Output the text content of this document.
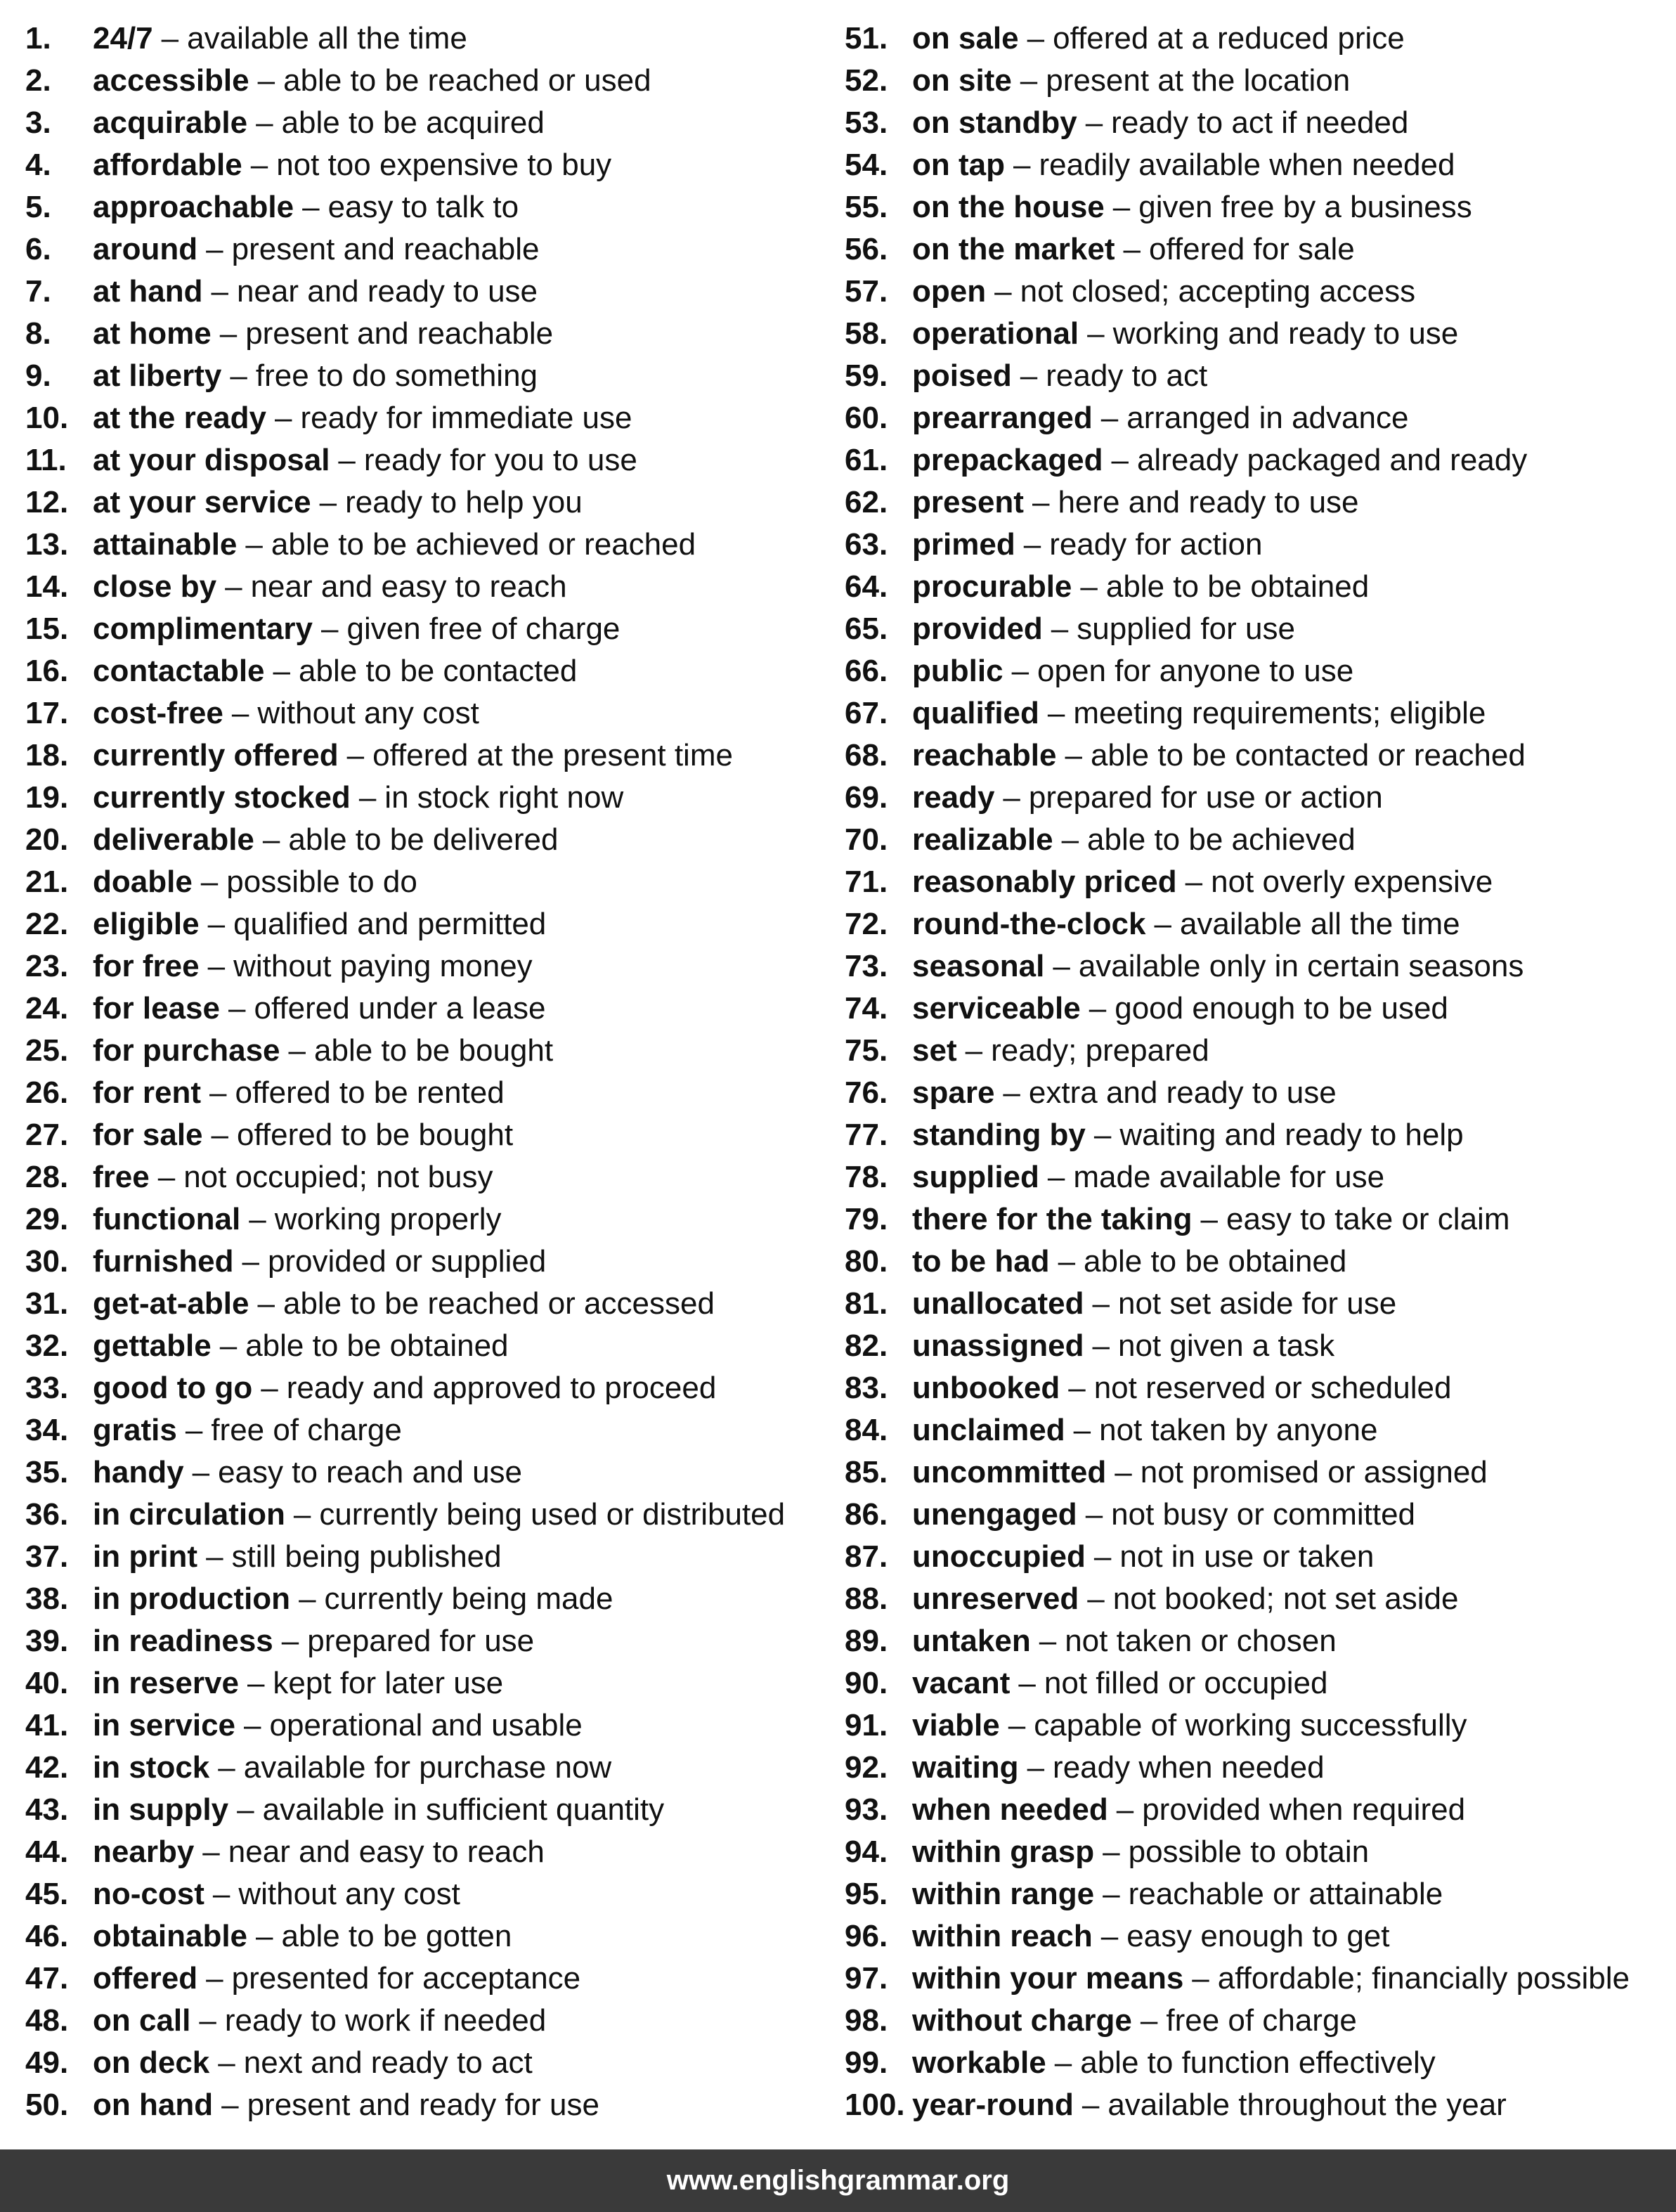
1.	24/7 – available all the time
2.	accessible – able to be reached or used
3.	acquirable – able to be acquired
4.	affordable – not too expensive to buy
5.	approachable – easy to talk to
6.	around – present and reachable
7.	at hand – near and ready to use
8.	at home – present and reachable
9.	at liberty – free to do something
10. at the ready – ready for immediate use
11. at your disposal – ready for you to use
12. at your service – ready to help you
13. attainable – able to be achieved or reached
14. close by – near and easy to reach
15. complimentary – given free of charge
16. contactable – able to be contacted
17. cost-free – without any cost
18. currently offered – offered at the present time
19. currently stocked – in stock right now
20. deliverable – able to be delivered
21. doable – possible to do
22. eligible – qualified and permitted
23. for free – without paying money
24. for lease – offered under a lease
25. for purchase – able to be bought
26. for rent – offered to be rented
27. for sale – offered to be bought
28. free – not occupied; not busy
29. functional – working properly
30. furnished – provided or supplied
31. get-at-able – able to be reached or accessed
32. gettable – able to be obtained
33. good to go – ready and approved to proceed
34. gratis – free of charge
35. handy – easy to reach and use
36. in circulation – currently being used or distributed
37. in print – still being published
38. in production – currently being made
39. in readiness – prepared for use
40. in reserve – kept for later use
41. in service – operational and usable
42. in stock – available for purchase now
43. in supply – available in sufficient quantity
44. nearby – near and easy to reach
45. no-cost – without any cost
46. obtainable – able to be gotten
47. offered – presented for acceptance
48. on call – ready to work if needed
49. on deck – next and ready to act
50. on hand – present and ready for use
51. on sale – offered at a reduced price
52. on site – present at the location
53. on standby – ready to act if needed
54. on tap – readily available when needed
55. on the house – given free by a business
56. on the market – offered for sale
57. open – not closed; accepting access
58. operational – working and ready to use
59. poised – ready to act
60. prearranged – arranged in advance
61. prepackaged – already packaged and ready
62. present – here and ready to use
63. primed – ready for action
64. procurable – able to be obtained
65. provided – supplied for use
66. public – open for anyone to use
67. qualified – meeting requirements; eligible
68. reachable – able to be contacted or reached
69. ready – prepared for use or action
70. realizable – able to be achieved
71. reasonably priced – not overly expensive
72. round-the-clock – available all the time
73. seasonal – available only in certain seasons
74. serviceable – good enough to be used
75. set – ready; prepared
76. spare – extra and ready to use
77. standing by – waiting and ready to help
78. supplied – made available for use
79. there for the taking – easy to take or claim
80. to be had – able to be obtained
81. unallocated – not set aside for use
82. unassigned – not given a task
83. unbooked – not reserved or scheduled
84. unclaimed – not taken by anyone
85. uncommitted – not promised or assigned
86. unengaged – not busy or committed
87. unoccupied – not in use or taken
88. unreserved – not booked; not set aside
89. untaken – not taken or chosen
90. vacant – not filled or occupied
91. viable – capable of working successfully
92. waiting – ready when needed
93. when needed – provided when required
94. within grasp – possible to obtain
95. within range – reachable or attainable
96. within reach – easy enough to get
97. within your means – affordable; financially possible
98. without charge – free of charge
99. workable – able to function effectively
100. year-round – available throughout the year
www.englishgrammar.org
